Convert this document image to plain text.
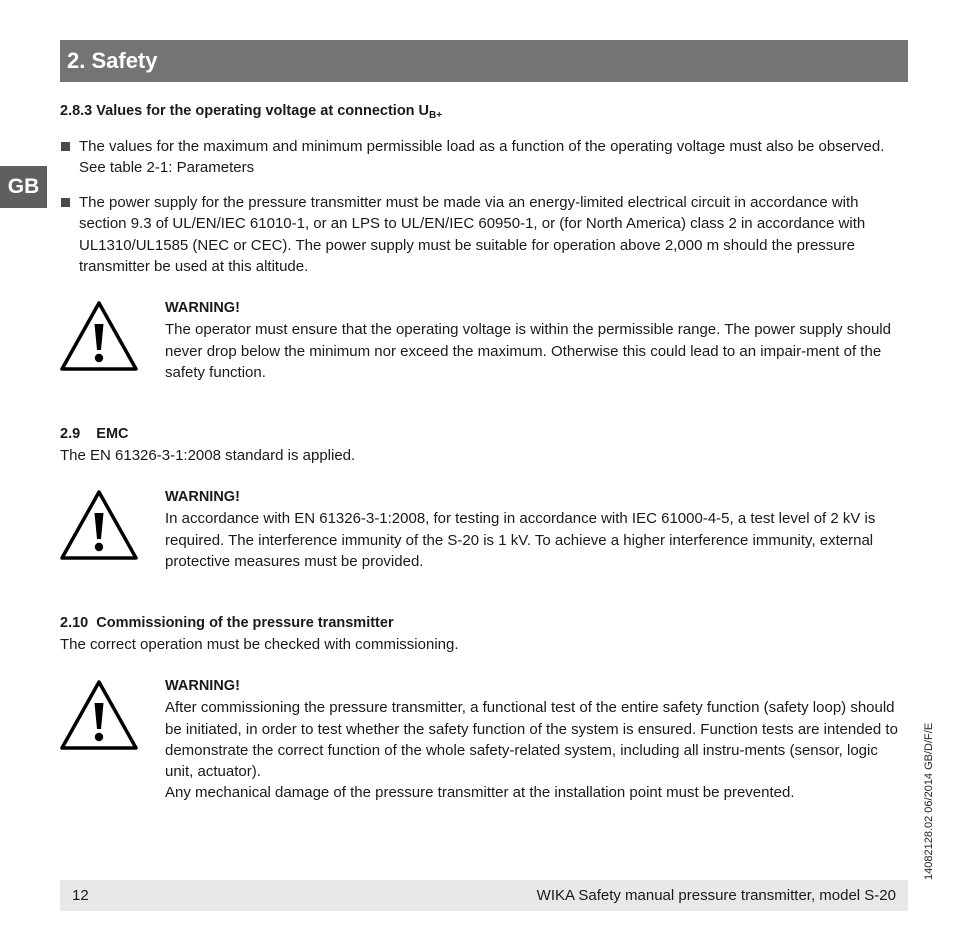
2. Safety
GB
2.8.3 Values for the operating voltage at connection $U_{B+}$
The values for the maximum and minimum permissible load as a function of the operating voltage must also be observed. See table 2-1: Parameters
The power supply for the pressure transmitter must be made via an energy-limited electrical circuit in accordance with section 9.3 of UL/EN/IEC 61010-1, or an LPS to UL/EN/IEC 60950-1, or (for North America) class 2 in accordance with UL1310/UL1585 (NEC or CEC). The power supply must be suitable for operation above 2,000 m should the pressure transmitter be used at this altitude.
WARNING!
The operator must ensure that the operating voltage is within the permissible range. The power supply should never drop below the minimum nor exceed the maximum. Otherwise this could lead to an impair-ment of the safety function.
2.9    EMC
The EN 61326-3-1:2008 standard is applied.
WARNING!
In accordance with EN 61326-3-1:2008, for testing in accordance with IEC 61000-4-5, a test level of 2 kV is required. The interference immunity of the S-20 is 1 kV. To achieve a higher interference immunity, external protective measures must be provided.
2.10  Commissioning of the pressure transmitter
The correct operation must be checked with commissioning.
WARNING!
After commissioning the pressure transmitter, a functional test of the entire safety function (safety loop) should be initiated, in order to test whether the safety function of the system is ensured. Function tests are intended to demonstrate the correct function of the whole safety-related system, including all instru-ments (sensor, logic unit, actuator).
Any mechanical damage of the pressure transmitter at the installation point must be prevented.
12	WIKA Safety manual pressure transmitter, model S-20
14082128.02 06/2014 GB/D/F/E
